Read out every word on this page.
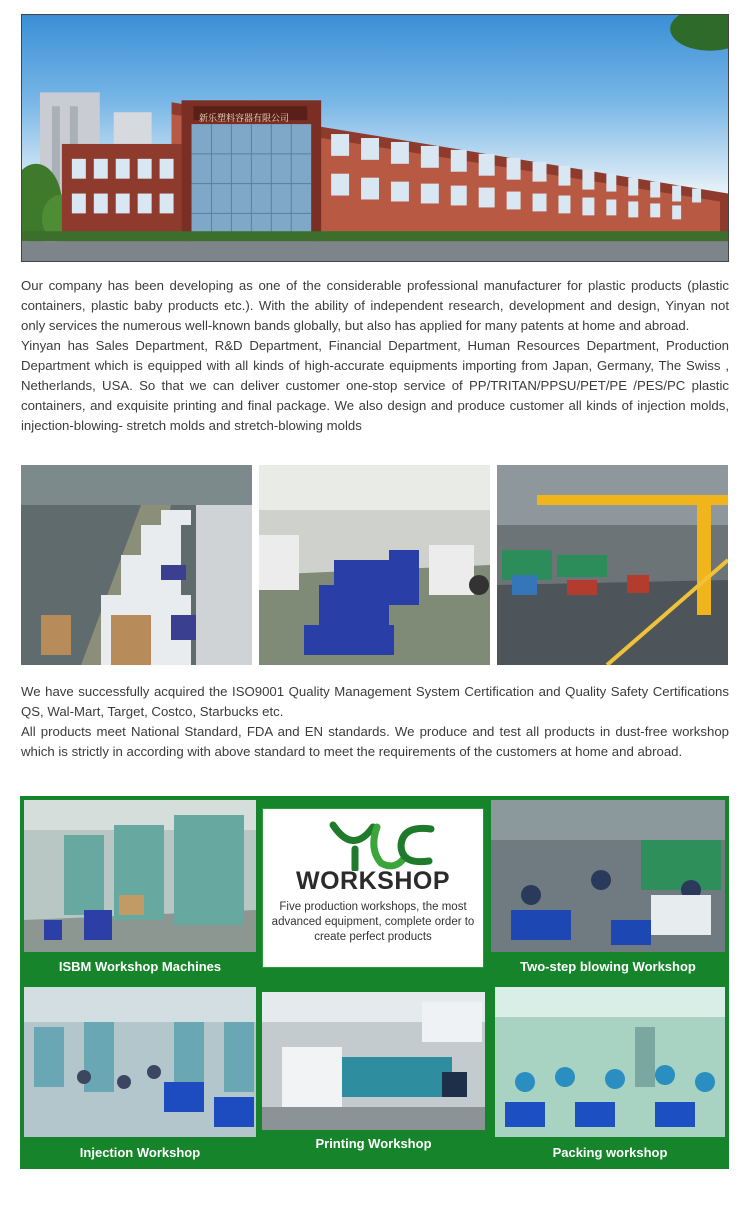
新乐塑料容器有限公司

Our company has been developing as one of the considerable professional manufacturer for plastic products (plastic containers, plastic baby products etc.). With the ability of independent research, development and design, Yinyan not only services the numerous well-known bands globally, but also has applied for many patents at home and abroad.

Yinyan has Sales Department, R&D Department, Financial Department, Human Resources Department, Production Department which is equipped with all kinds of high-accurate equipments importing from Japan, Germany, The Swiss , Netherlands, USA. So that we can deliver customer one-stop service of PP/TRITAN/PPSU/PET/PE /PES/PC plastic containers, and exquisite printing and final package. We also design and produce customer all kinds of injection molds, injection-blowing- stretch molds and stretch-blowing molds

We have successfully acquired the ISO9001 Quality Management System Certification and Quality Safety Certifications QS, Wal-Mart, Target, Costco, Starbucks etc.

All products meet National Standard, FDA and EN standards. We produce and test all products in dust-free workshop which is strictly in according with above standard to meet the requirements of the customers at home and abroad.

ISBM Workshop Machines
WORKSHOP
Five production workshops, the most advanced equipment, complete order to create perfect products
Two-step blowing Workshop
Injection Workshop
Printing Workshop
Packing workshop
